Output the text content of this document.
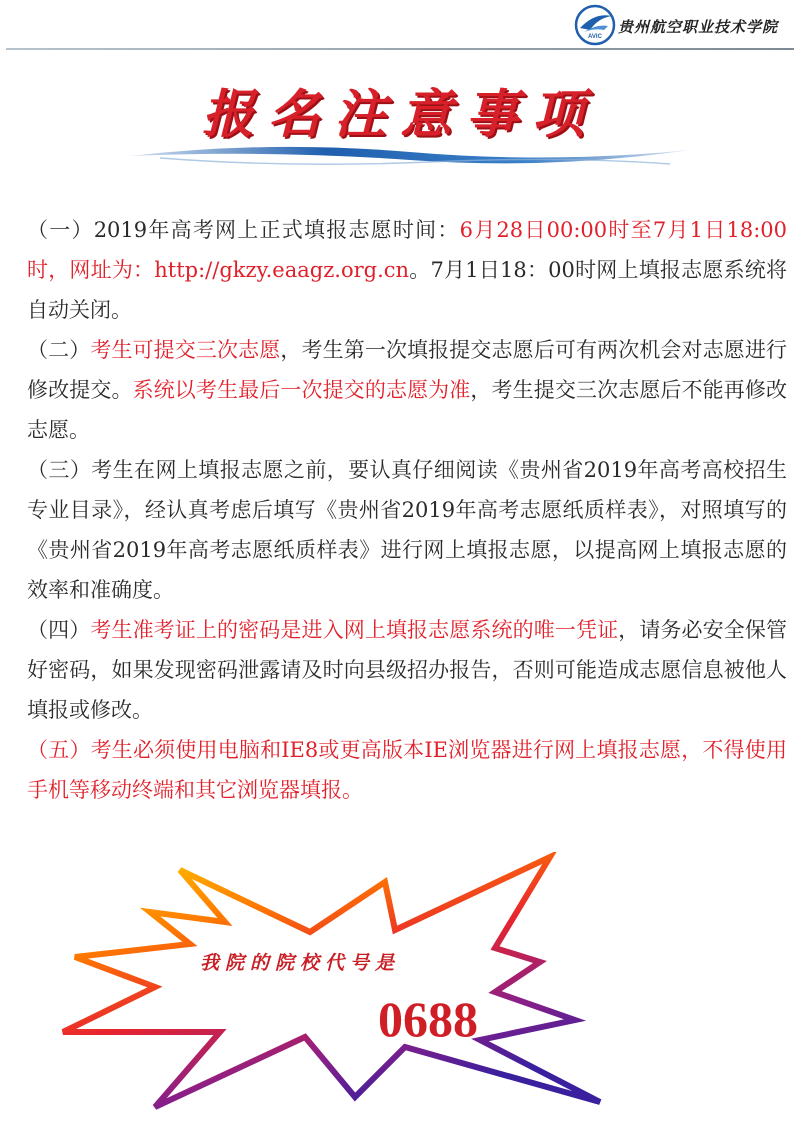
AVIC
贵州航空职业技术学院
报名注意事项

（一）2019年高考网上正式填报志愿时间：6月28日00:00时至7月1日18:00时，网址为：http://gkzy.eaagz.org.cn。7月1日18：00时网上填报志愿系统将自动关闭。

（二）考生可提交三次志愿，考生第一次填报提交志愿后可有两次机会对志愿进行修改提交。系统以考生最后一次提交的志愿为准，考生提交三次志愿后不能再修改志愿。

（三）考生在网上填报志愿之前，要认真仔细阅读《贵州省2019年高考高校招生专业目录》，经认真考虑后填写《贵州省2019年高考志愿纸质样表》，对照填写的《贵州省2019年高考志愿纸质样表》进行网上填报志愿，以提高网上填报志愿的效率和准确度。

（四）考生准考证上的密码是进入网上填报志愿系统的唯一凭证，请务必安全保管好密码，如果发现密码泄露请及时向县级招办报告，否则可能造成志愿信息被他人填报或修改。

（五）考生必须使用电脑和IE8或更高版本IE浏览器进行网上填报志愿，不得使用手机等移动终端和其它浏览器填报。

我院的院校代号是
0688
